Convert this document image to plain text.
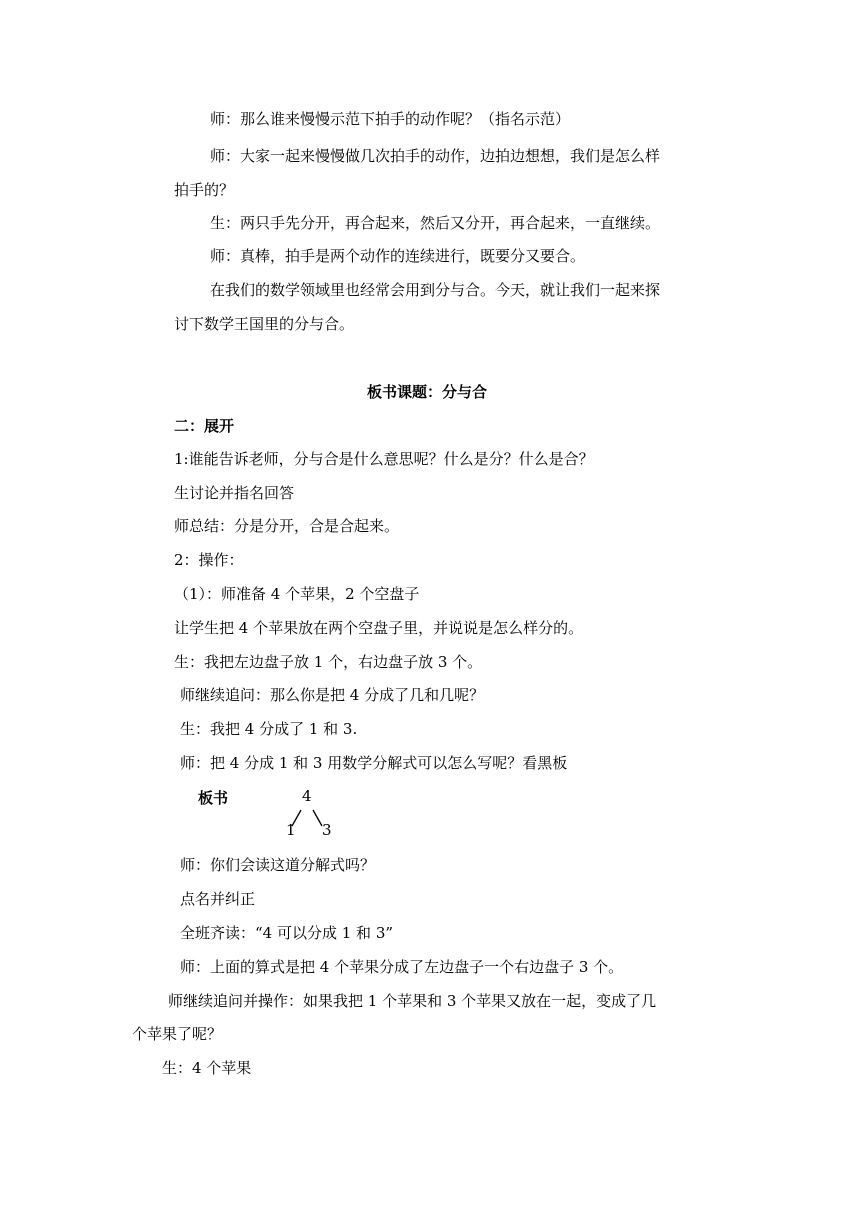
师：那么谁来慢慢示范下拍手的动作呢？（指名示范）
师：大家一起来慢慢做几次拍手的动作，边拍边想想，我们是怎么样
拍手的？
生：两只手先分开，再合起来，然后又分开，再合起来，一直继续。
师：真棒，拍手是两个动作的连续进行，既要分又要合。
在我们的数学领域里也经常会用到分与合。今天，就让我们一起来探
讨下数学王国里的分与合。
板书课题：分与合
二：展开
1:谁能告诉老师，分与合是什么意思呢？什么是分？什么是合？
生讨论并指名回答
师总结：分是分开，合是合起来。
2：操作：
（1）：师准备 4 个苹果，2 个空盘子
让学生把 4 个苹果放在两个空盘子里，并说说是怎么样分的。
生：我把左边盘子放 1 个，右边盘子放 3 个。
师继续追问：那么你是把 4 分成了几和几呢？
生：我把 4 分成了 1 和 3.
师：把 4 分成 1 和 3 用数学分解式可以怎么写呢？看黑板
板书	4
1 3
师：你们会读这道分解式吗？
点名并纠正
全班齐读：“4 可以分成 1 和 3”
师：上面的算式是把 4 个苹果分成了左边盘子一个右边盘子 3 个。
师继续追问并操作：如果我把 1 个苹果和 3 个苹果又放在一起，变成了几
个苹果了呢？
生：4 个苹果
